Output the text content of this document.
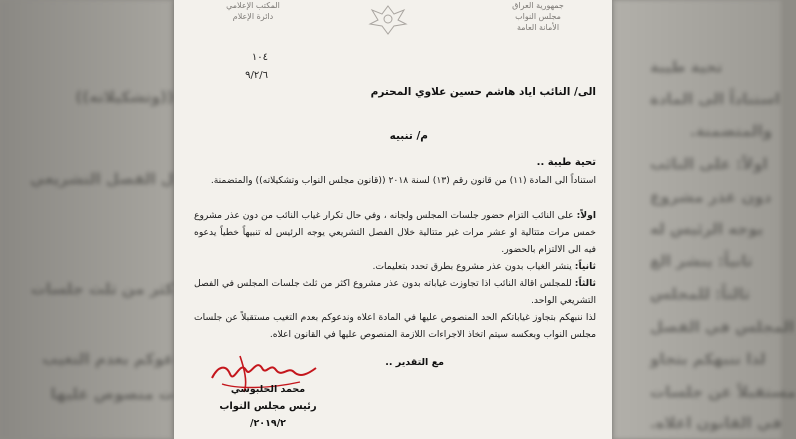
((وتشكيلاته))
ل الفصل التشريعي
كثر من ثلث جلسات
عوكم بعدم التغيب
ت منصوص عليها
تحية طيبة
استناداً الى المادة
والمتضمنة.
اولاً: على النائب
دون عذر مشروع
يوجه الرئيس له
ثانياً: ينشر الغ
ثالثاً: للمجلس
المجلس في الفصل
لذا ننبهكم بتجاو
مستقبلاً عن جلسات
في القانون اعلاه.
جمهورية العراق
مجلس النواب
الأمانة العامة
المكتب الإعلامي
دائرة الإعلام
١٠٤
٩/٢/٦
الى/ النائب اياد هاشم حسين علاوي المحترم
م/ تنبيه
تحية طيبة ..

استناداً الى المادة (١١) من قانون رقم (١٣) لسنة ٢٠١٨ ((قانون مجلس النواب وتشكيلاته)) والمتضمنة.

اولاً: على النائب التزام حضور جلسات المجلس ولجانه ، وفي حال تكرار غياب النائب من دون عذر مشروع خمس مرات متتالية او عشر مرات غير متتالية خلال الفصل التشريعي يوجه الرئيس له تنبيهاً خطياً يدعوه فيه الى الالتزام بالحضور.

ثانياً: ينشر الغياب بدون عذر مشروع بطرق تحدد بتعليمات.

ثالثاً: للمجلس اقالة النائب اذا تجاوزت غياباته بدون عذر مشروع اكثر من ثلث جلسات المجلس في الفصل التشريعي الواحد.

لذا ننبهكم بتجاوز غياباتكم الحد المنصوص عليها في المادة اعلاه وندعوكم بعدم التغيب مستقبلاً عن جلسات مجلس النواب وبعكسه سيتم اتخاذ الاجراءات اللازمة المنصوص عليها في القانون اعلاه.

مع التقدير ..
محمد الحلبوسي
رئيس مجلس النواب
٢٠١٩/٢/
